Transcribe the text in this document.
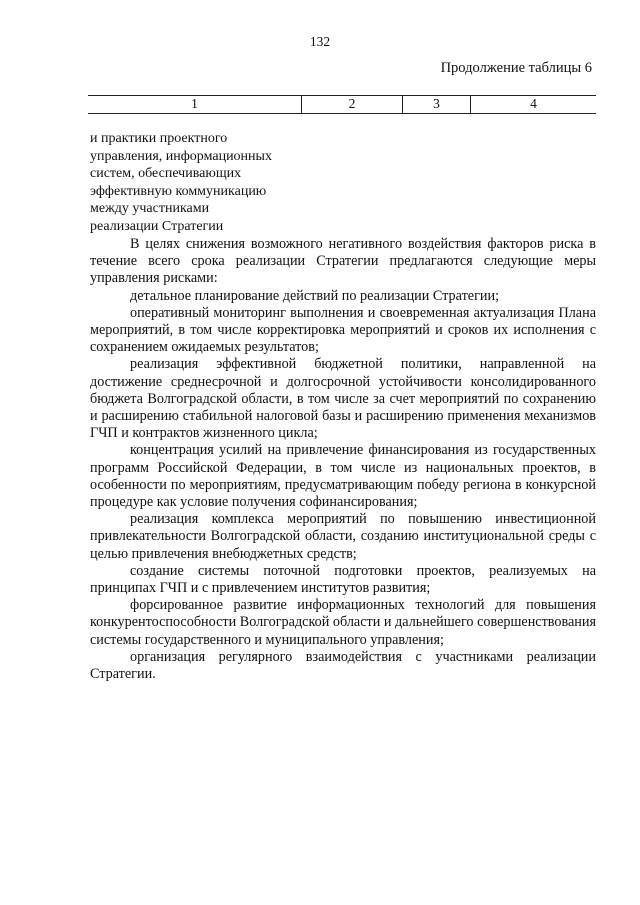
132
Продолжение таблицы 6
1	2	3	4
и практики проектного
управления, информационных
систем, обеспечивающих
эффективную коммуникацию
между участниками
реализации Стратегии

В целях снижения возможного негативного воздействия факторов риска в течение всего срока реализации Стратегии предлагаются следующие меры управления рисками:

детальное планирование действий по реализации Стратегии;

оперативный мониторинг выполнения и своевременная актуализация Плана мероприятий, в том числе корректировка мероприятий и сроков их исполнения с сохранением ожидаемых результатов;

реализация эффективной бюджетной политики, направленной на достижение среднесрочной и долгосрочной устойчивости консолидированного бюджета Волгоградской области, в том числе за счет мероприятий по сохранению и расширению стабильной налоговой базы и расширению применения механизмов ГЧП и контрактов жизненного цикла;

концентрация усилий на привлечение финансирования из государственных программ Российской Федерации, в том числе из национальных проектов, в особенности по мероприятиям, предусматривающим победу региона в конкурсной процедуре как условие получения софинансирования;

реализация комплекса мероприятий по повышению инвестиционной привлекательности Волгоградской области, созданию институциональной среды с целью привлечения внебюджетных средств;

создание системы поточной подготовки проектов, реализуемых на принципах ГЧП и с привлечением институтов развития;

форсированное развитие информационных технологий для повышения конкурентоспособности Волгоградской области и дальнейшего совершенствования системы государственного и муниципального управления;

организация регулярного взаимодействия с участниками реализации Стратегии.
